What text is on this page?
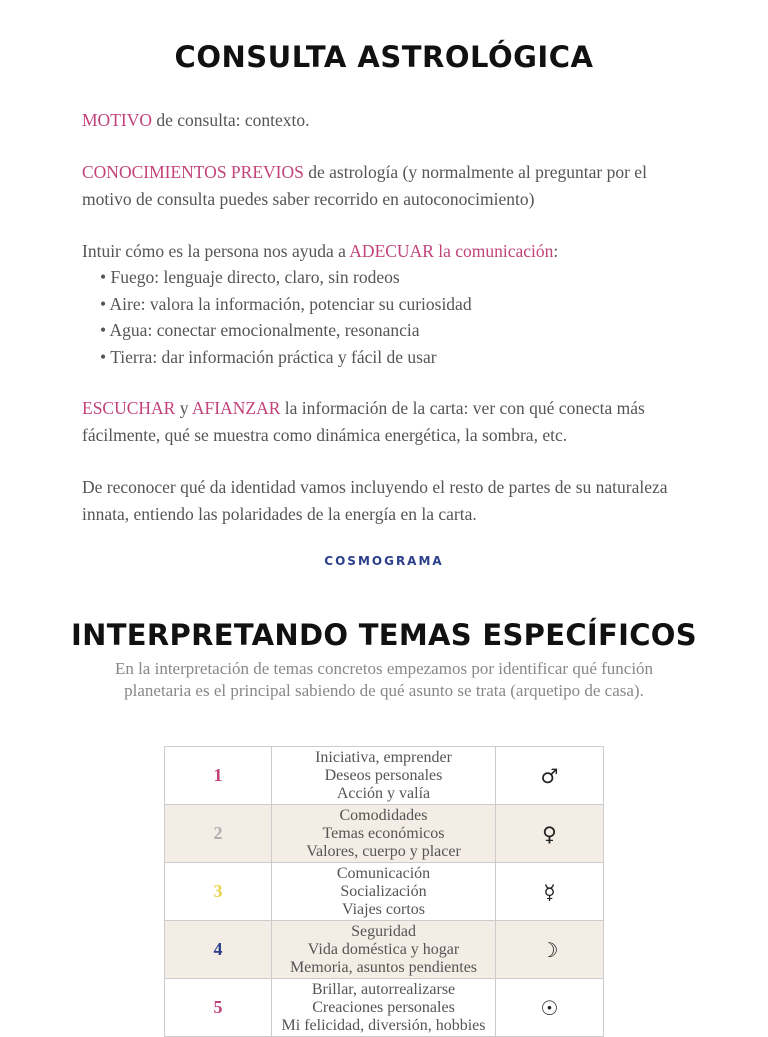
CONSULTA ASTROLÓGICA

MOTIVO de consulta: contexto.

CONOCIMIENTOS PREVIOS de astrología (y normalmente al preguntar por el motivo de consulta puedes saber recorrido en autoconocimiento)

Intuir cómo es la persona nos ayuda a ADECUAR la comunicación:

• Fuego: lenguaje directo, claro, sin rodeos
• Aire: valora la información, potenciar su curiosidad
• Agua: conectar emocionalmente, resonancia
• Tierra: dar información práctica y fácil de usar

ESCUCHAR y AFIANZAR la información de la carta: ver con qué conecta más fácilmente, qué se muestra como dinámica energética, la sombra, etc.

De reconocer qué da identidad vamos incluyendo el resto de partes de su naturaleza innata, entiendo las polaridades de la energía en la carta.

COSMOGRAMA
INTERPRETANDO TEMAS ESPECÍFICOS

En la interpretación de temas concretos empezamos por identificar qué función planetaria es el principal sabiendo de qué asunto se trata (arquetipo de casa).

1	Iniciativa, emprender
Deseos personales
Acción y valía	♂
2	Comodidades
Temas económicos
Valores, cuerpo y placer	♀
3	Comunicación
Socialización
Viajes cortos	☿
4	Seguridad
Vida doméstica y hogar
Memoria, asuntos pendientes	☽
5	Brillar, autorrealizarse
Creaciones personales
Mi felicidad, diversión, hobbies	☉
